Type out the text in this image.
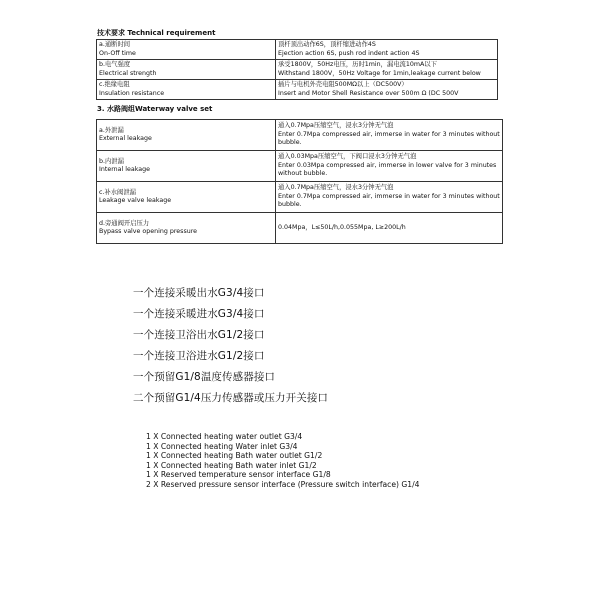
技术要求 Technical requirement
a.通断时间
On-Off time	顶杆顶出动作6S，顶杆缩进动作4S
Ejection action 6S, push rod indent action 4S

b.电气强度
Electrical strength	承受1800V，50Hz电压，历时1min，漏电流10mA以下
Withstand 1800V，50Hz Voltage for 1min,leakage current below

c.绝缘电阻
Insulation resistance	插片与电机外壳电阻500MΩ以上（DC500V）
Insert and Motor Shell Resistance over 500m Ω (DC 500V
3. 水路阀组Waterway valve set
a.外泄漏
External leakage	通入0.7Mpa压缩空气，浸水3分钟无气泡
Enter 0.7Mpa compressed air, immerse in water for 3 minutes without
bubble.

b.内泄漏
Internal leakage	通入0.03Mpa压缩空气，下阀口浸水3分钟无气泡
Enter 0.03Mpa compressed air, immerse in lower valve for 3 minutes
without bubble.

c.补水阀泄漏
Leakage valve leakage	通入0.7Mpa压缩空气，浸水3分钟无气泡
Enter 0.7Mpa compressed air, immerse in water for 3 minutes without
bubble.

d.旁通阀开启压力
Bypass valve opening pressure	0.04Mpa，L≤50L/h,0.055Mpa, L≥200L/h
一个连接采暖出水G3/4接口
一个连接采暖进水G3/4接口
一个连接卫浴出水G1/2接口
一个连接卫浴进水G1/2接口
一个预留G1/8温度传感器接口
二个预留G1/4压力传感器或压力开关接口
1 X Connected heating water outlet G3/4
1 X Connected heating Water inlet G3/4
1 X Connected heating Bath water outlet G1/2
1 X Connected heating Bath water inlet G1/2
1 X Reserved temperature sensor interface G1/8
2 X Reserved pressure sensor interface (Pressure switch interface) G1/4
